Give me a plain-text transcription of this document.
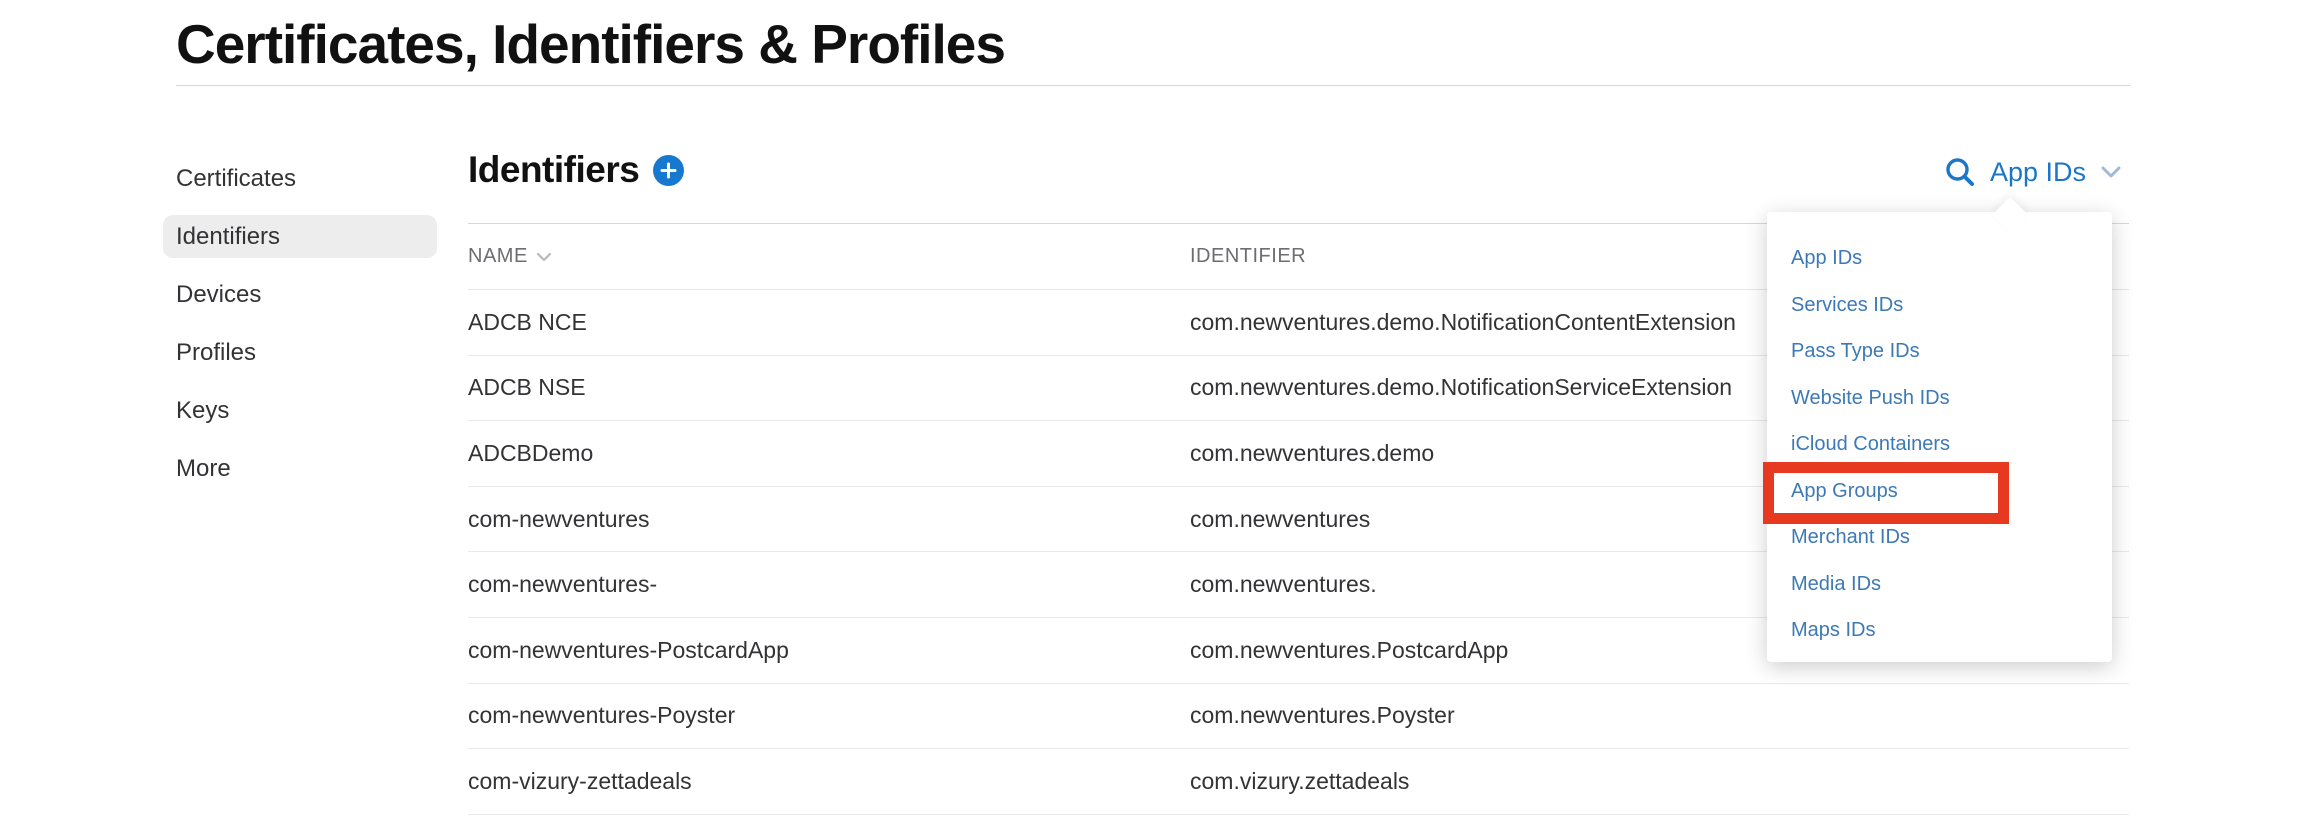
Certificates, Identifiers & Profiles
Certificates
Identifiers
Devices
Profiles
Keys
More
Identifiers	App IDs
NAME	IDENTIFIER
ADCB NCE	com.newventures.demo.NotificationContentExtension
ADCB NSE	com.newventures.demo.NotificationServiceExtension
ADCBDemo	com.newventures.demo
com-newventures	com.newventures
com-newventures-	com.newventures.
com-newventures-PostcardApp	com.newventures.PostcardApp
com-newventures-Poyster	com.newventures.Poyster
com-vizury-zettadeals	com.vizury.zettadeals
App IDs
Services IDs
Pass Type IDs
Website Push IDs
iCloud Containers
App Groups
Merchant IDs
Media IDs
Maps IDs
